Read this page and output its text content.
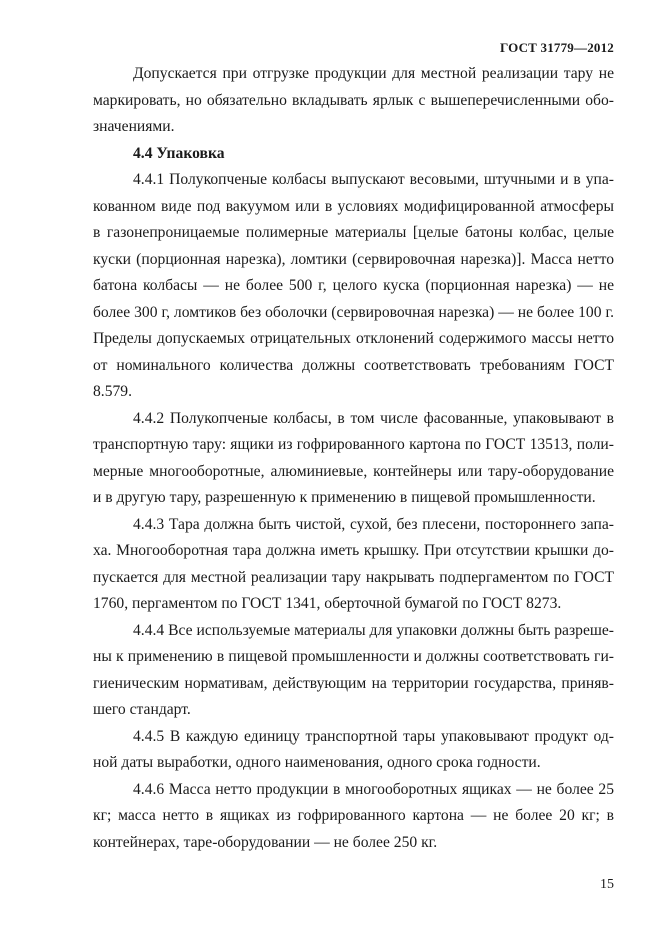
ГОСТ 31779—2012

Допускается при отгрузке продукции для местной реализации тару не маркировать, но обязательно вкладывать ярлык с вышеперечисленными обозначениями.

4.4 Упаковка

4.4.1 Полукопченые колбасы выпускают весовыми, штучными и в упакованном виде под вакуумом или в условиях модифицированной атмосферы в газонепроницаемые полимерные материалы [целые батоны колбас, целые куски (порционная нарезка), ломтики (сервировочная нарезка)]. Масса нетто батона колбасы — не более 500 г, целого куска (порционная нарезка) — не более 300 г, ломтиков без оболочки (сервировочная нарезка) — не более 100 г. Пределы допускаемых отрицательных отклонений содержимого массы нетто от номинального количества должны соответствовать требованиям ГОСТ 8.579.

4.4.2 Полукопченые колбасы, в том числе фасованные, упаковывают в транспортную тару: ящики из гофрированного картона по ГОСТ 13513, полимерные многооборотные, алюминиевые, контейнеры или тару-оборудование и в другую тару, разрешенную к применению в пищевой промышленности.

4.4.3 Тара должна быть чистой, сухой, без плесени, постороннего запаха. Многооборотная тара должна иметь крышку. При отсутствии крышки допускается для местной реализации тару накрывать подпергаментом по ГОСТ 1760, пергаментом по ГОСТ 1341, оберточной бумагой по ГОСТ 8273.

4.4.4 Все используемые материалы для упаковки должны быть разрешены к применению в пищевой промышленности и должны соответствовать гигиеническим нормативам, действующим на территории государства, принявшего стандарт.

4.4.5 В каждую единицу транспортной тары упаковывают продукт одной даты выработки, одного наименования, одного срока годности.

4.4.6 Масса нетто продукции в многооборотных ящиках — не более 25 кг; масса нетто в ящиках из гофрированного картона — не более 20 кг; в контейнерах, таре-оборудовании — не более 250 кг.

15
